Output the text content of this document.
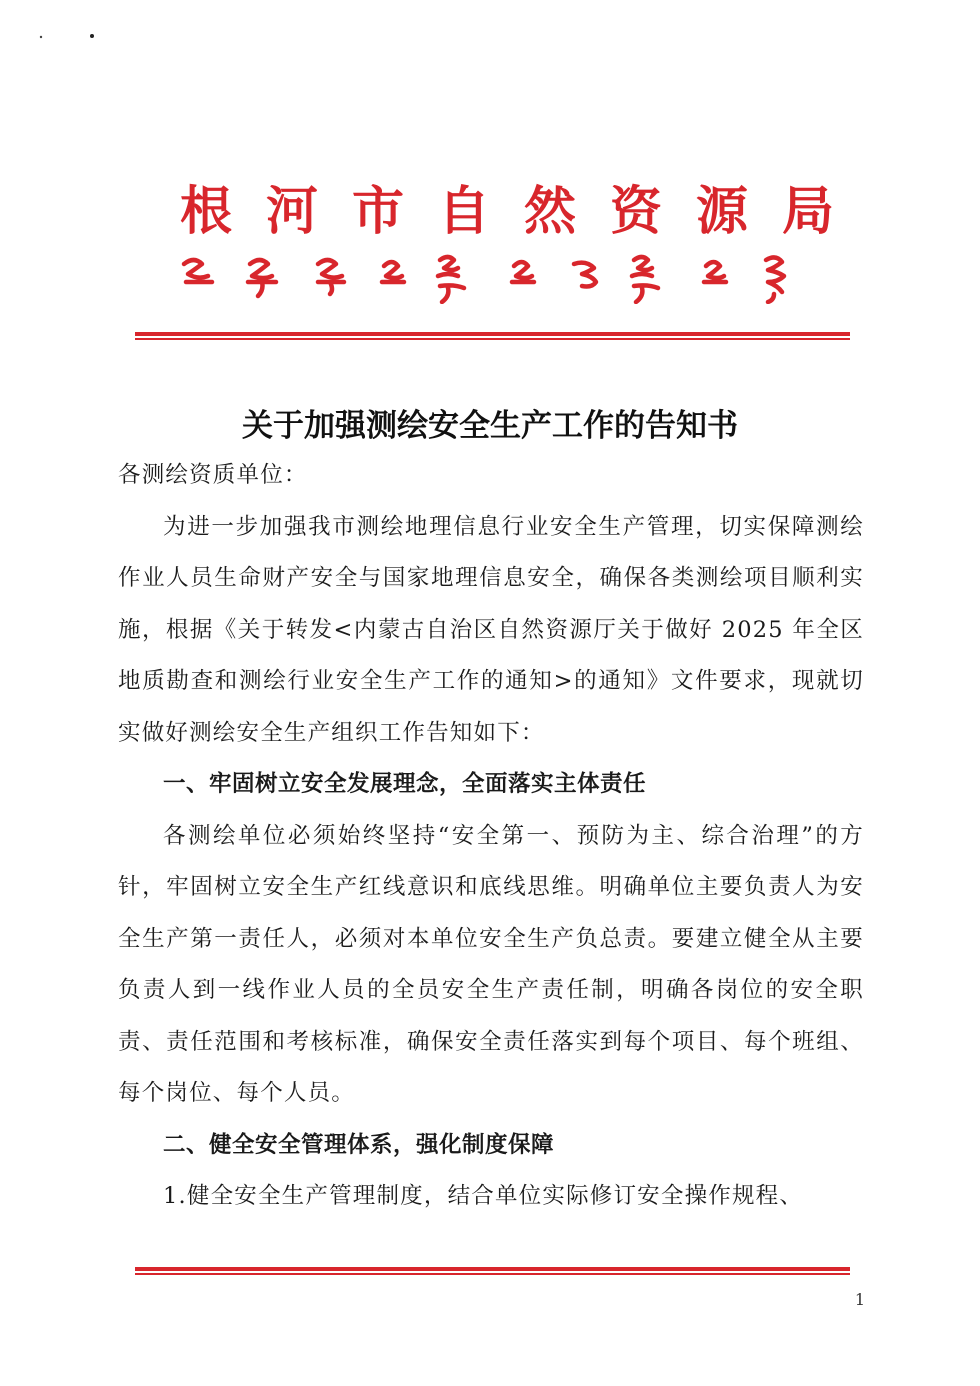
根河市自然资源局
关于加强测绘安全生产工作的告知书

各测绘资质单位：

为进一步加强我市测绘地理信息行业安全生产管理，切实保障测绘作业人员生命财产安全与国家地理信息安全，确保各类测绘项目顺利实施，根据《关于转发<内蒙古自治区自然资源厅关于做好 2025 年全区地质勘查和测绘行业安全生产工作的通知>的通知》文件要求，现就切实做好测绘安全生产组织工作告知如下：

一、牢固树立安全发展理念，全面落实主体责任

各测绘单位必须始终坚持“安全第一、预防为主、综合治理”的方针，牢固树立安全生产红线意识和底线思维。明确单位主要负责人为安全生产第一责任人，必须对本单位安全生产负总责。要建立健全从主要负责人到一线作业人员的全员安全生产责任制，明确各岗位的安全职责、责任范围和考核标准，确保安全责任落实到每个项目、每个班组、每个岗位、每个人员。

二、健全安全管理体系，强化制度保障

1.健全安全生产管理制度，结合单位实际修订安全操作规程、

1
